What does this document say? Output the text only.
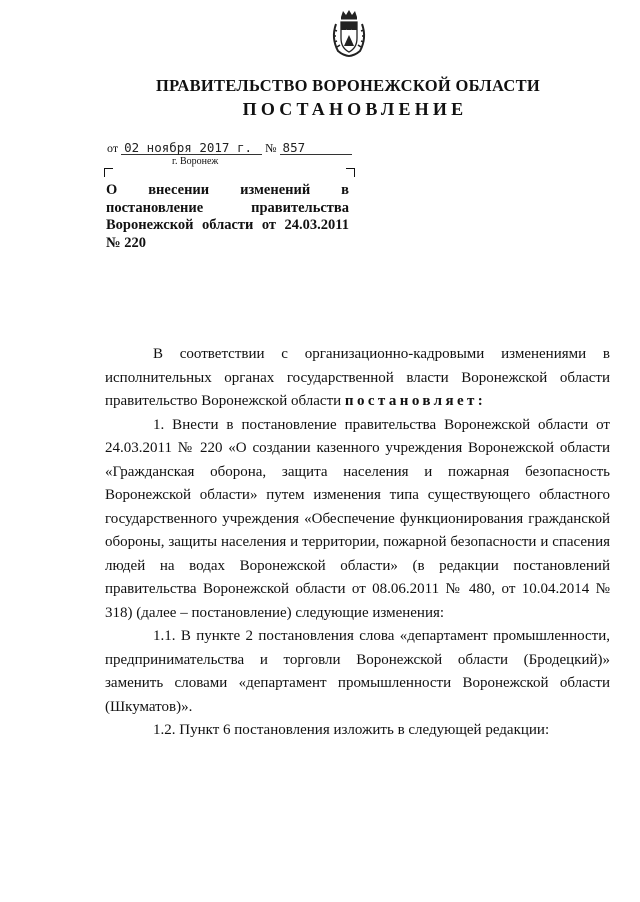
ПРАВИТЕЛЬСТВО ВОРОНЕЖСКОЙ ОБЛАСТИ
ПОСТАНОВЛЕНИЕ
от 02 ноября 2017 г. № 857
г. Воронеж
О внесении изменений в постановление правительства Воронежской области от 24.03.2011
№ 220

В соответствии с организационно-кадровыми изменениями в исполнительных органах государственной власти Воронежской области правительство Воронежской области постановляет:

1. Внести в постановление правительства Воронежской области от 24.03.2011 № 220 «О создании казенного учреждения Воронежской области «Гражданская оборона, защита населения и пожарная безопасность Воронежской области» путем изменения типа существующего областного государственного учреждения «Обеспечение функционирования гражданской обороны, защиты населения и территории, пожарной безопасности и спасения людей на водах Воронежской области» (в редакции постановлений правительства Воронежской области от 08.06.2011 № 480, от 10.04.2014 № 318) (далее – постановление) следующие изменения:

1.1. В пункте 2 постановления слова «департамент промышленности, предпринимательства и торговли Воронежской области (Бродецкий)» заменить словами «департамент промышленности Воронежской области (Шкуматов)».

1.2. Пункт 6 постановления изложить в следующей редакции:
